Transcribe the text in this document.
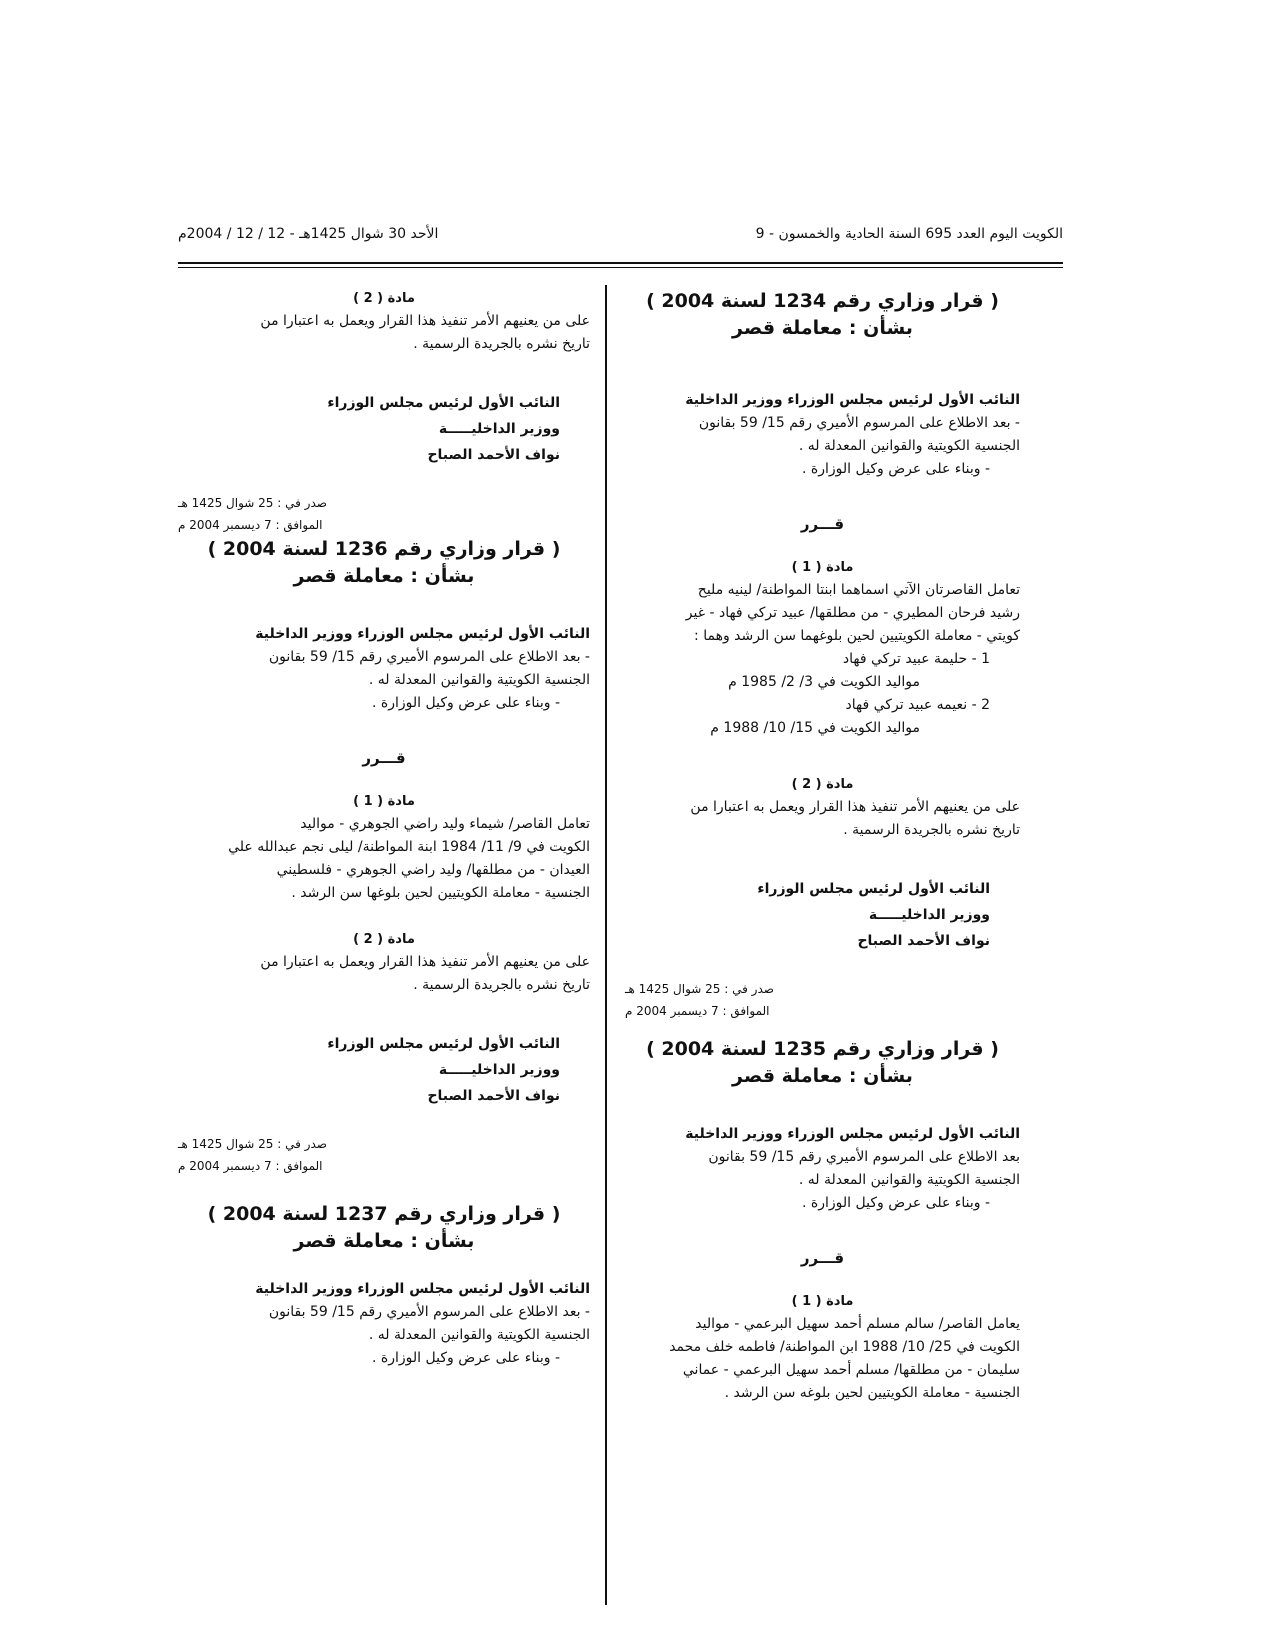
الكويت اليوم العدد 695 السنة الحادية والخمسون - 9
الأحد 30 شوال 1425هـ - 12 / 12 / 2004م
( قرار وزاري رقم 1234 لسنة 2004 )
بشأن : معاملة قصر
النائب الأول لرئيس مجلس الوزراء ووزير الداخلية

- بعد الاطلاع على المرسوم الأميري رقم 15/ 59 بقانون

الجنسية الكويتية والقوانين المعدلة له .

- وبناء على عرض وكيل الوزارة .

قـــرر
مادة ( 1 )

تعامل القاصرتان الآتي اسماهما ابنتا المواطنة/ لينيه مليح

رشيد فرحان المطيري - من مطلقها/ عبيد تركي فهاد - غير

كويتي - معاملة الكويتيين لحين بلوغهما سن الرشد وهما :

1 - حليمة عبيد تركي فهاد

مواليد الكويت في 3/ 2/ 1985 م

2 - نعيمه عبيد تركي فهاد

مواليد الكويت في 15/ 10/ 1988 م

مادة ( 2 )

على من يعنيهم الأمر تنفيذ هذا القرار ويعمل به اعتبارا من

تاريخ نشره بالجريدة الرسمية .

النائب الأول لرئيس مجلس الوزراء
ووزير الداخليـــــة
نواف الأحمد الصباح
صدر في : 25 شوال 1425 هـ
الموافق : 7 ديسمبر 2004 م
( قرار وزاري رقم 1235 لسنة 2004 )
بشأن : معاملة قصر
النائب الأول لرئيس مجلس الوزراء ووزير الداخلية

بعد الاطلاع على المرسوم الأميري رقم 15/ 59 بقانون

الجنسية الكويتية والقوانين المعدلة له .

- وبناء على عرض وكيل الوزارة .

قـــرر
مادة ( 1 )

يعامل القاصر/ سالم مسلم أحمد سهيل البرعمي - مواليد

الكويت في 25/ 10/ 1988 ابن المواطنة/ فاطمه خلف محمد

سليمان - من مطلقها/ مسلم أحمد سهيل البرعمي - عماني

الجنسية - معاملة الكويتيين لحين بلوغه سن الرشد .

مادة ( 2 )

على من يعنيهم الأمر تنفيذ هذا القرار ويعمل به اعتبارا من

تاريخ نشره بالجريدة الرسمية .

النائب الأول لرئيس مجلس الوزراء
ووزير الداخليـــــة
نواف الأحمد الصباح
صدر في : 25 شوال 1425 هـ
الموافق : 7 ديسمبر 2004 م
( قرار وزاري رقم 1236 لسنة 2004 )
بشأن : معاملة قصر
النائب الأول لرئيس مجلس الوزراء ووزير الداخلية

- بعد الاطلاع على المرسوم الأميري رقم 15/ 59 بقانون

الجنسية الكويتية والقوانين المعدلة له .

- وبناء على عرض وكيل الوزارة .

قـــرر
مادة ( 1 )

تعامل القاصر/ شيماء وليد راضي الجوهري - مواليد

الكويت في 9/ 11/ 1984 ابنة المواطنة/ ليلى نجم عبدالله علي

العيدان - من مطلقها/ وليد راضي الجوهري - فلسطيني

الجنسية - معاملة الكويتيين لحين بلوغها سن الرشد .

مادة ( 2 )

على من يعنيهم الأمر تنفيذ هذا القرار ويعمل به اعتبارا من

تاريخ نشره بالجريدة الرسمية .

النائب الأول لرئيس مجلس الوزراء
ووزير الداخليـــــة
نواف الأحمد الصباح
صدر في : 25 شوال 1425 هـ
الموافق : 7 ديسمبر 2004 م
( قرار وزاري رقم 1237 لسنة 2004 )
بشأن : معاملة قصر
النائب الأول لرئيس مجلس الوزراء ووزير الداخلية

- بعد الاطلاع على المرسوم الأميري رقم 15/ 59 بقانون

الجنسية الكويتية والقوانين المعدلة له .

- وبناء على عرض وكيل الوزارة .
